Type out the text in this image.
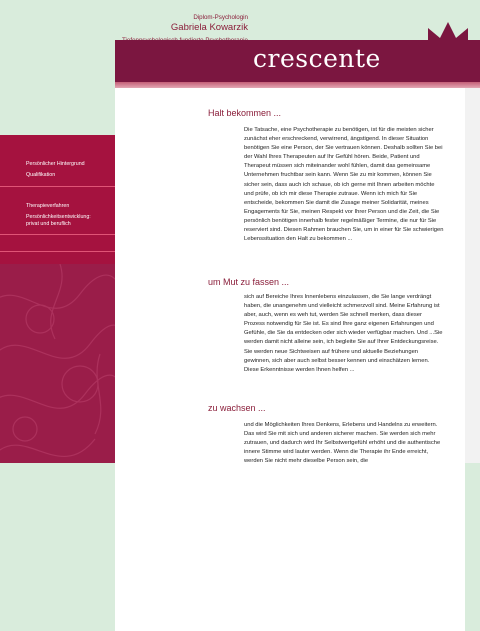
Diplom-Psychologin
Gabriela Kowarzik
crescente
Persönlicher Hintergrund
Qualifikation
Therapieverfahren
Persönlichkeitsentwicklung:
privat und beruflich
Halt bekommen ...
Die Tatsache, eine Psychotherapie zu benötigen, ist für die meisten sicher zunächst eher erschreckend, verwirrend, ängstigend. In dieser Situation benötigen Sie eine Person, der Sie vertrauen können. Deshalb sollten Sie bei der Wahl Ihres Therapeuten auf Ihr Gefühl hören. Beide, Patient und Therapeut müssen sich miteinander wohl fühlen, damit das gemeinsame Unternehmen fruchtbar sein kann. Wenn Sie zu mir kommen, können Sie sicher sein, dass auch ich schaue, ob ich gerne mit Ihnen arbeiten möchte und prüfe, ob ich mir diese Therapie zutraue. Wenn ich mich für Sie entscheide, bekommen Sie damit die Zusage meiner Solidarität, meines Engagements für Sie, meinen Respekt vor Ihrer Person und die Zeit, die Sie persönlich benötigen innerhalb fester regelmäßiger Termine, die nur für Sie reserviert sind. Diesen Rahmen brauchen Sie, um in einer für Sie schwierigen Lebenssituation den Halt zu bekommen ...
um Mut zu fassen ...
sich auf Bereiche Ihres Innenlebens einzulassen, die Sie lange verdrängt haben, die unangenehm und vielleicht schmerzvoll sind. Meine Erfahrung ist aber, auch, wenn es weh tut, werden Sie schnell merken, dass dieser Prozess notwendig für Sie ist. Es sind Ihre ganz eigenen Erfahrungen und Gefühle, die Sie da entdecken oder sich wieder verfügbar machen. Und ...Sie werden damit nicht alleine sein, ich begleite Sie auf Ihrer Entdeckungsreise. Sie werden neue Sichtweisen auf frühere und aktuelle Beziehungen gewinnen, sich aber auch selbst besser kennen und einschätzen lernen. Diese Erkenntnisse werden Ihnen helfen ...
zu wachsen ...
und die Möglichkeiten Ihres Denkens, Erlebens und Handelns zu erweitern. Das wird Sie mit sich und anderen sicherer machen. Sie werden sich mehr zutrauen, und dadurch wird Ihr Selbstwertgefühl erhöht und die authentische innere Stimme wird lauter werden. Wenn die Therapie ihr Ende erreicht, werden Sie nicht mehr dieselbe Person sein, die
